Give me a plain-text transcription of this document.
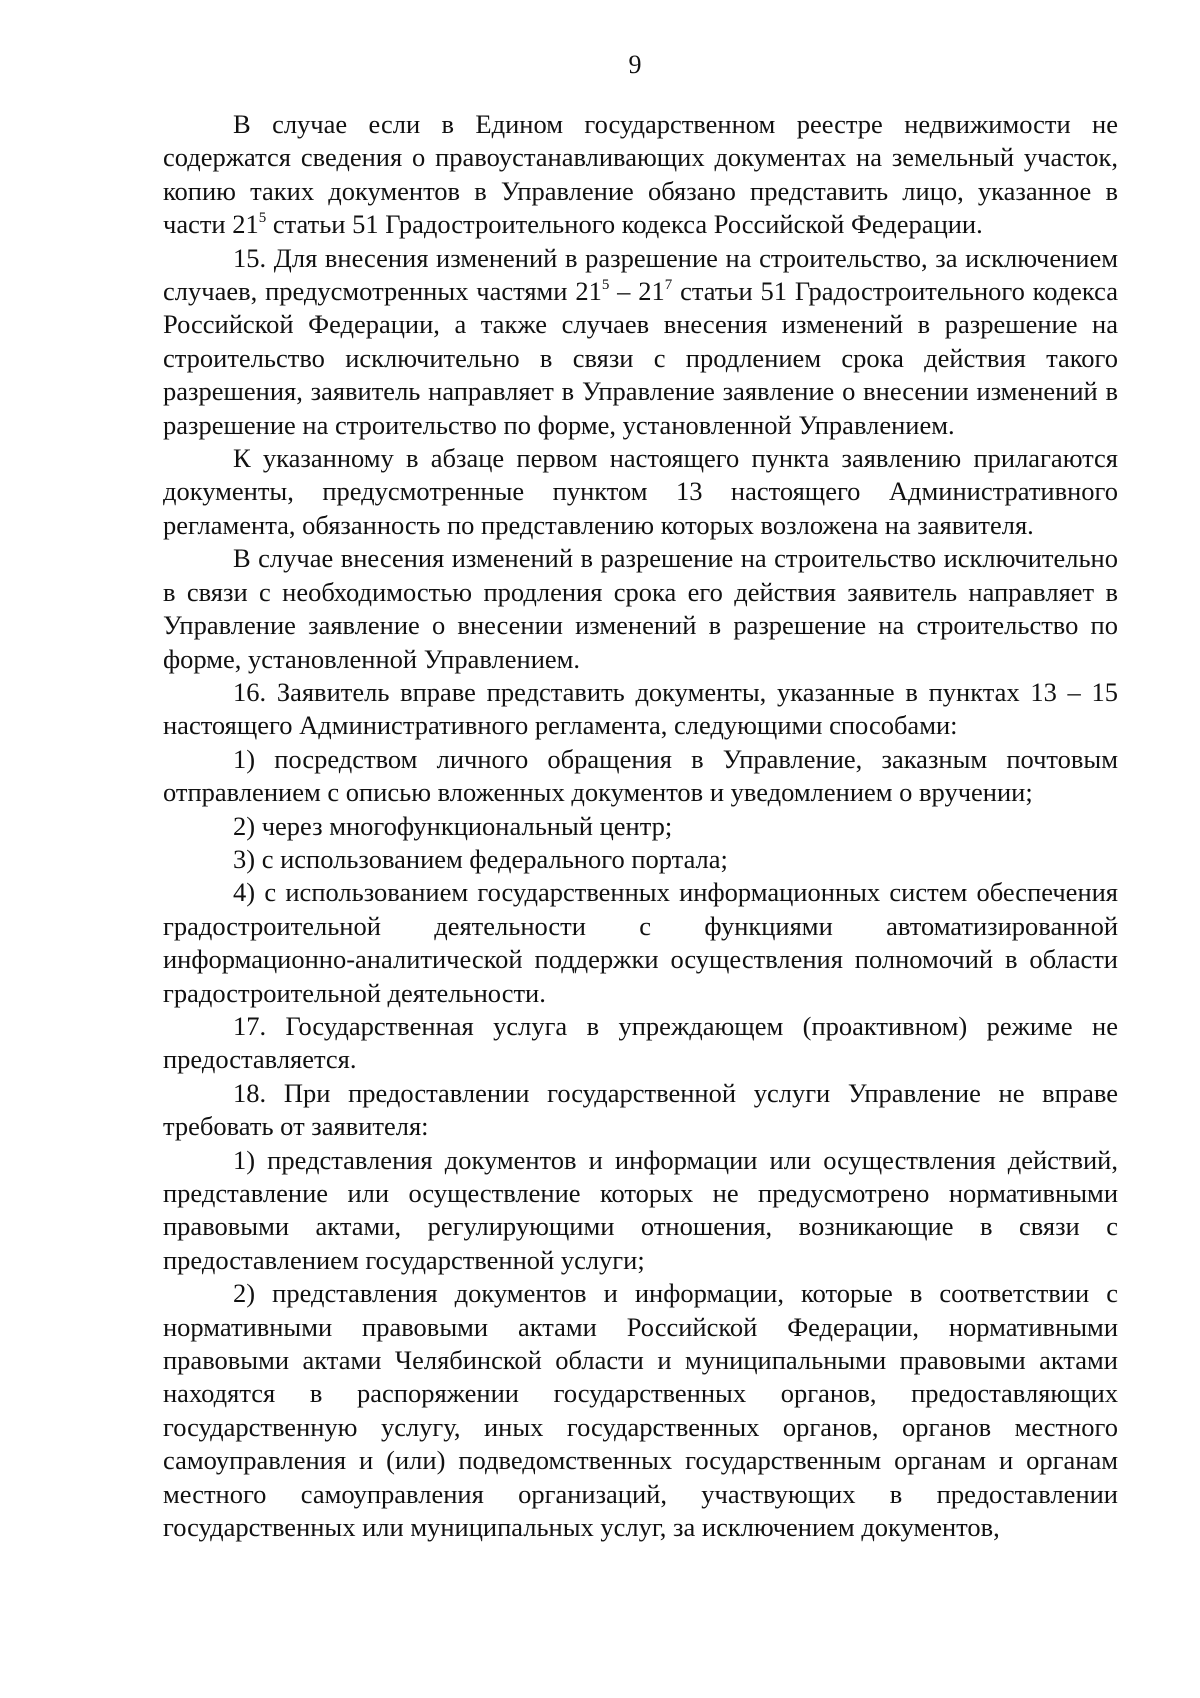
9

В случае если в Едином государственном реестре недвижимости не содержатся сведения о правоустанавливающих документах на земельный участок, копию таких документов в Управление обязано представить лицо, указанное в части $21^5$ статьи 51 Градостроительного кодекса Российской Федерации.

15. Для внесения изменений в разрешение на строительство, за исключением случаев, предусмотренных частями $21^5 - 21^7$ статьи 51 Градостроительного кодекса Российской Федерации, а также случаев внесения изменений в разрешение на строительство исключительно в связи с продлением срока действия такого разрешения, заявитель направляет в Управление заявление о внесении изменений в разрешение на строительство по форме, установленной Управлением.

К указанному в абзаце первом настоящего пункта заявлению прилагаются документы, предусмотренные пунктом 13 настоящего Административного регламента, обязанность по представлению которых возложена на заявителя.

В случае внесения изменений в разрешение на строительство исключительно в связи с необходимостью продления срока его действия заявитель направляет в Управление заявление о внесении изменений в разрешение на строительство по форме, установленной Управлением.

16. Заявитель вправе представить документы, указанные в пунктах 13 – 15 настоящего Административного регламента, следующими способами:

1) посредством личного обращения в Управление, заказным почтовым отправлением с описью вложенных документов и уведомлением о вручении;

2) через многофункциональный центр;

3) с использованием федерального портала;

4) с использованием государственных информационных систем обеспечения градостроительной деятельности с функциями автоматизированной информационно-аналитической поддержки осуществления полномочий в области градостроительной деятельности.

17. Государственная услуга в упреждающем (проактивном) режиме не предоставляется.

18. При предоставлении государственной услуги Управление не вправе требовать от заявителя:

1) представления документов и информации или осуществления действий, представление или осуществление которых не предусмотрено нормативными правовыми актами, регулирующими отношения, возникающие в связи с предоставлением государственной услуги;

2) представления документов и информации, которые в соответствии с нормативными правовыми актами Российской Федерации, нормативными правовыми актами Челябинской области и муниципальными правовыми актами находятся в распоряжении государственных органов, предоставляющих государственную услугу, иных государственных органов, органов местного самоуправления и (или) подведомственных государственным органам и органам местного самоуправления организаций, участвующих в предоставлении государственных или муниципальных услуг, за исключением документов,
